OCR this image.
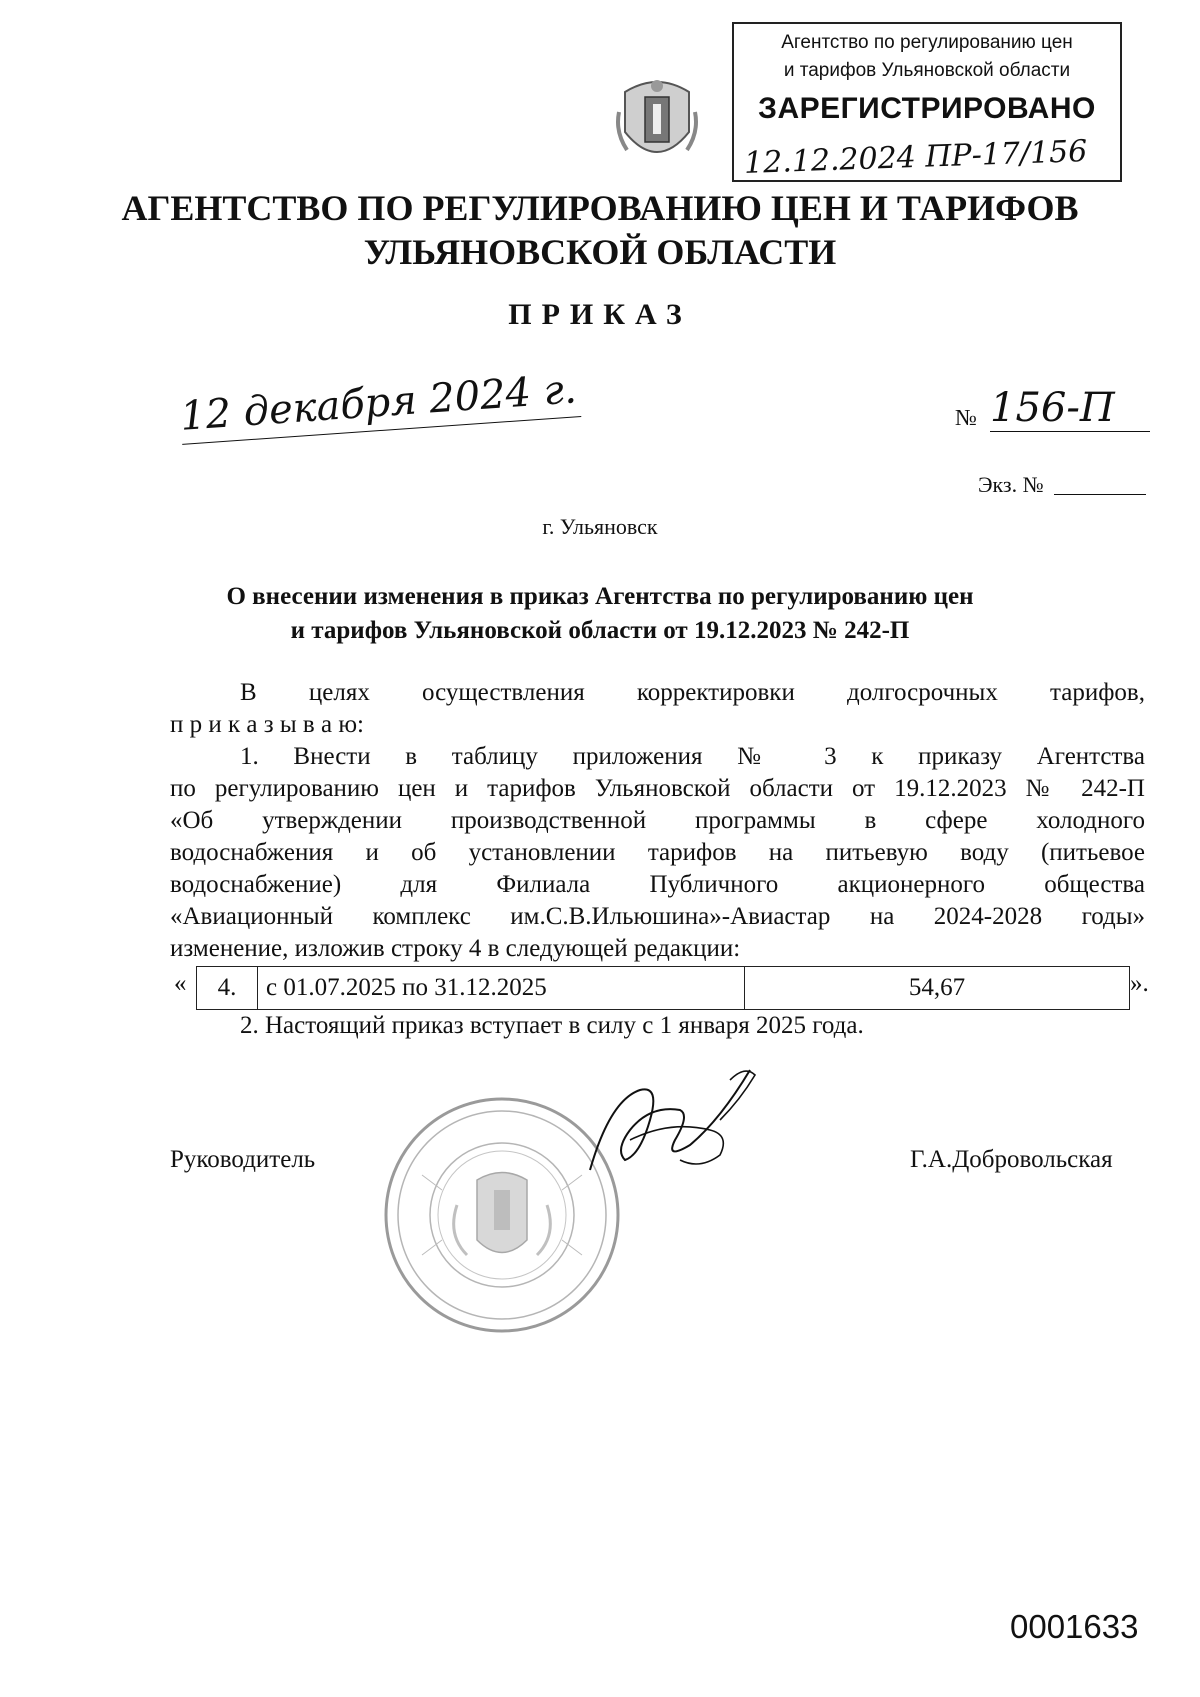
Агентство по регулированию цен
и тарифов Ульяновской области
ЗАРЕГИСТРИРОВАНО
12.12.2024 ПР-17/156
АГЕНТСТВО ПО РЕГУЛИРОВАНИЮ ЦЕН И ТАРИФОВ
УЛЬЯНОВСКОЙ ОБЛАСТИ
ПРИКАЗ
12 декабря 2024 г.	№ 156-П
Экз. №
г. Ульяновск
О внесении изменения в приказ Агентства по регулированию цен
и тарифов Ульяновской области от 19.12.2023 № 242-П
В целях осуществления корректировки долгосрочных тарифов,
п р и к а з ы в а ю:
1. Внести в таблицу приложения № 3 к приказу Агентства
по регулированию цен и тарифов Ульяновской области от 19.12.2023 № 242-П
«Об утверждении производственной программы в сфере холодного
водоснабжения и об установлении тарифов на питьевую воду (питьевое
водоснабжение) для Филиала Публичного акционерного общества
«Авиационный комплекс им.С.В.Ильюшина»-Авиастар на 2024-2028 годы»
изменение, изложив строку 4 в следующей редакции:
« 4.	с 01.07.2025 по 31.12.2025	54,67	».
2. Настоящий приказ вступает в силу с 1 января 2025 года.
Руководитель	Г.А.Добровольская
0001633
